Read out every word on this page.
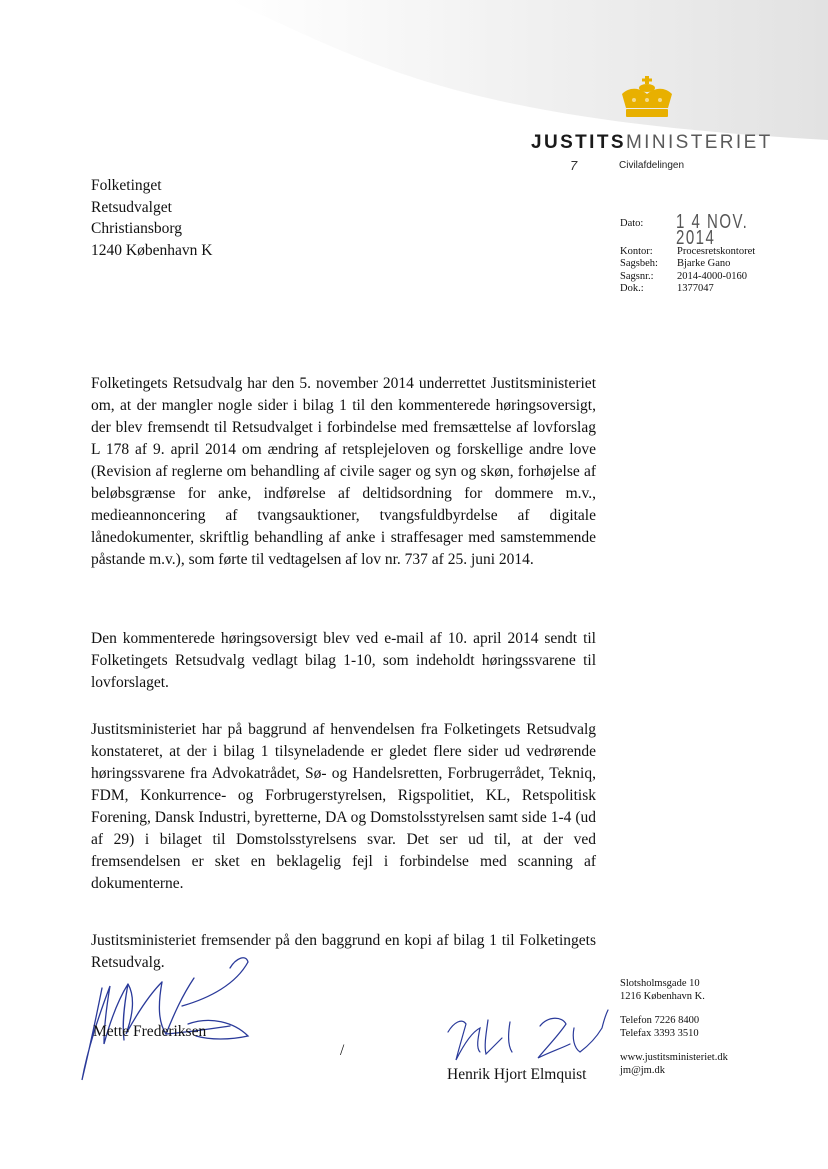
JUSTITSMINISTERIET
7	Civilafdelingen
Folketinget
Retsudvalget
Christiansborg
1240 København K
Dato:	1 4 NOV. 2014
Kontor:	Procesretskontoret
Sagsbeh:	Bjarke Gano
Sagsnr.:	2014-4000-0160
Dok.:	1377047
Folketingets Retsudvalg har den 5. november 2014 underrettet Justitsministeriet om, at der mangler nogle sider i bilag 1 til den kommenterede høringsoversigt, der blev fremsendt til Retsudvalget i forbindelse med fremsættelse af lovforslag L 178 af 9. april 2014 om ændring af retsplejeloven og forskellige andre love (Revision af reglerne om behandling af civile sager og syn og skøn, forhøjelse af beløbsgrænse for anke, indførelse af deltidsordning for dommere m.v., medieannoncering af tvangsauktioner, tvangsfuldbyrdelse af digitale lånedokumenter, skriftlig behandling af anke i straffesager med samstemmende påstande m.v.), som førte til vedtagelsen af lov nr. 737 af 25. juni 2014.
Den kommenterede høringsoversigt blev ved e-mail af 10. april 2014 sendt til Folketingets Retsudvalg vedlagt bilag 1-10, som indeholdt høringssvarene til lovforslaget.
Justitsministeriet har på baggrund af henvendelsen fra Folketingets Retsudvalg konstateret, at der i bilag 1 tilsyneladende er gledet flere sider ud vedrørende høringssvarene fra Advokatrådet, Sø- og Handelsretten, Forbrugerrådet, Tekniq, FDM, Konkurrence- og Forbrugerstyrelsen, Rigspolitiet, KL, Retspolitisk Forening, Dansk Industri, byretterne, DA og Domstolsstyrelsen samt side 1-4 (ud af 29) i bilaget til Domstolsstyrelsens svar. Det ser ud til, at der ved fremsendelsen er sket en beklagelig fejl i forbindelse med scanning af dokumenterne.
Justitsministeriet fremsender på den baggrund en kopi af bilag 1 til Folketingets Retsudvalg.
Mette Frederiksen
/
Henrik Hjort Elmquist
Slotsholmsgade 10
1216 København K.
Telefon 7226 8400
Telefax 3393 3510
www.justitsministeriet.dk
jm@jm.dk
